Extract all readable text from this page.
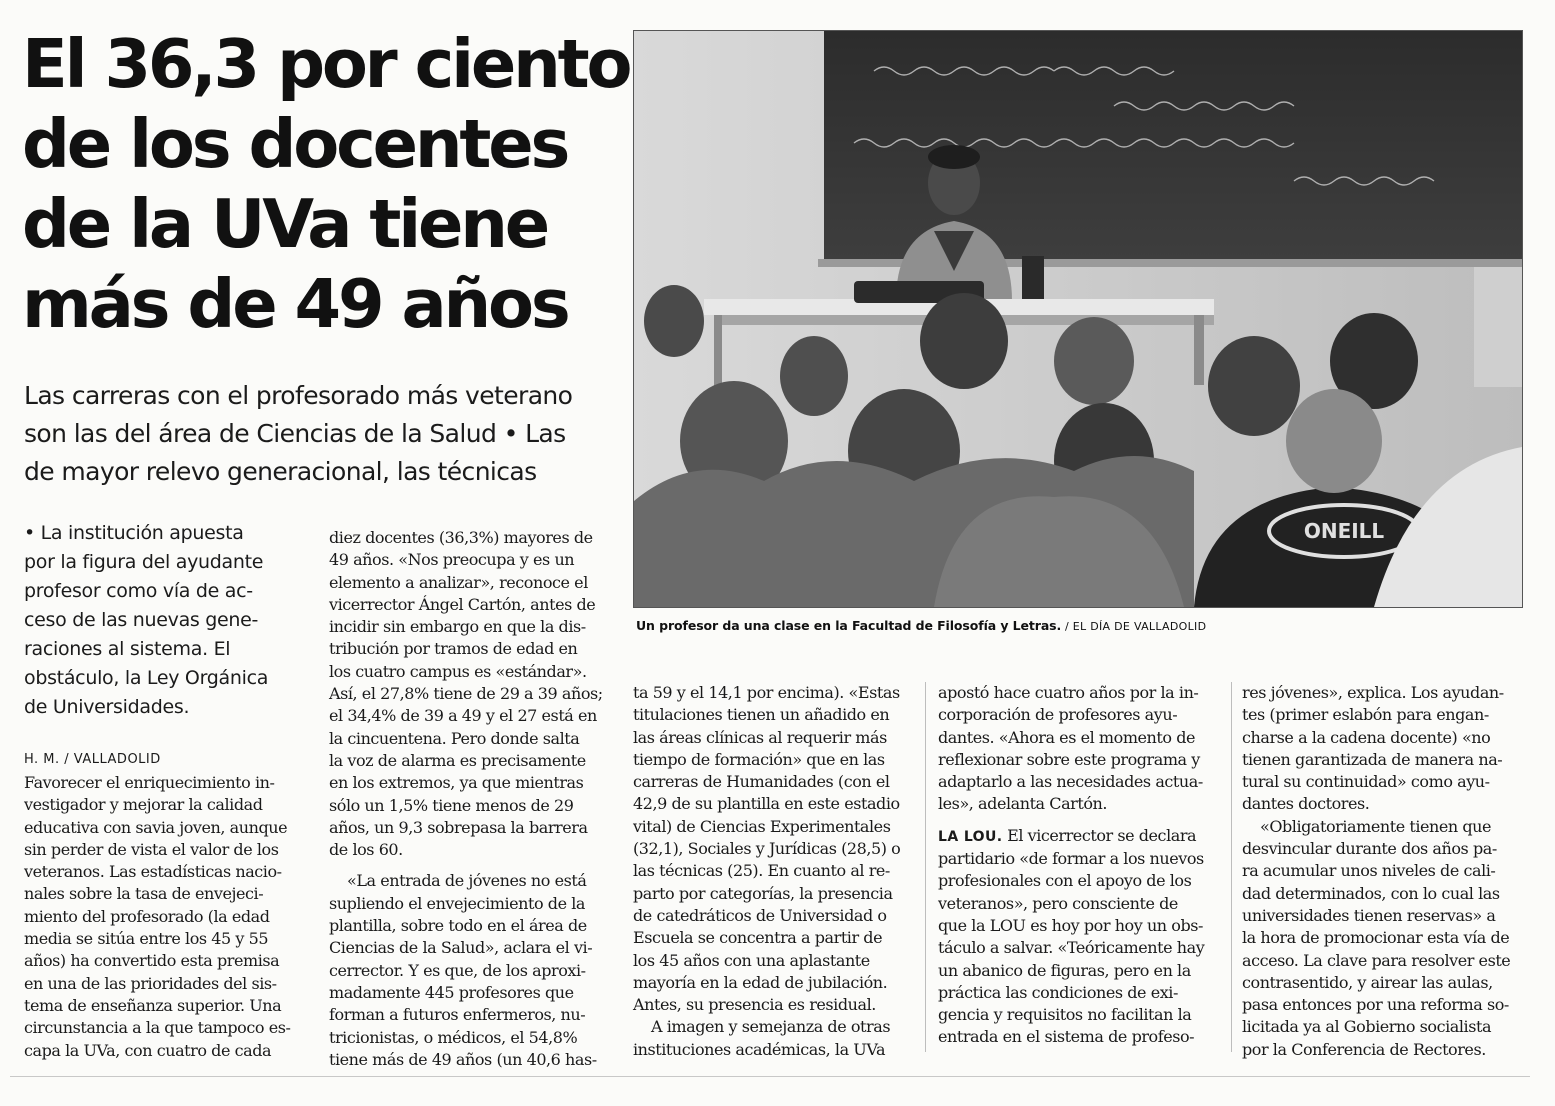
El 36,3 por ciento
de los docentes
de la UVa tiene
más de 49 años
Las carreras con el profesorado más veterano
son las del área de Ciencias de la Salud • Las
de mayor relevo generacional, las técnicas
• La institución apuesta
por la figura del ayudante
profesor como vía de ac-
ceso de las nuevas gene-
raciones al sistema. El
obstáculo, la Ley Orgánica
de Universidades.
H. M. / VALLADOLID
Favorecer el enriquecimiento in-
vestigador y mejorar la calidad
educativa con savia joven, aunque
sin perder de vista el valor de los
veteranos. Las estadísticas nacio-
nales sobre la tasa de envejeci-
miento del profesorado (la edad
media se sitúa entre los 45 y 55
años) ha convertido esta premisa
en una de las prioridades del sis-
tema de enseñanza superior. Una
circunstancia a la que tampoco es-
capa la UVa, con cuatro de cada
diez docentes (36,3%) mayores de
49 años. «Nos preocupa y es un
elemento a analizar», reconoce el
vicerrector Ángel Cartón, antes de
incidir sin embargo en que la dis-
tribución por tramos de edad en
los cuatro campus es «estándar».
Así, el 27,8% tiene de 29 a 39 años;
el 34,4% de 39 a 49 y el 27 está en
la cincuentena. Pero donde salta
la voz de alarma es precisamente
en los extremos, ya que mientras
sólo un 1,5% tiene menos de 29
años, un 9,3 sobrepasa la barrera
de los 60.
«La entrada de jóvenes no está
supliendo el envejecimiento de la
plantilla, sobre todo en el área de
Ciencias de la Salud», aclara el vi-
cerrector. Y es que, de los aproxi-
madamente 445 profesores que
forman a futuros enfermeros, nu-
tricionistas, o médicos, el 54,8%
tiene más de 49 años (un 40,6 has-
ta 59 y el 14,1 por encima). «Estas
titulaciones tienen un añadido en
las áreas clínicas al requerir más
tiempo de formación» que en las
carreras de Humanidades (con el
42,9 de su plantilla en este estadio
vital) de Ciencias Experimentales
(32,1), Sociales y Jurídicas (28,5) o
las técnicas (25). En cuanto al re-
parto por categorías, la presencia
de catedráticos de Universidad o
Escuela se concentra a partir de
los 45 años con una aplastante
mayoría en la edad de jubilación.
Antes, su presencia es residual.
A imagen y semejanza de otras
instituciones académicas, la UVa
apostó hace cuatro años por la in-
corporación de profesores ayu-
dantes. «Ahora es el momento de
reflexionar sobre este programa y
adaptarlo a las necesidades actua-
les», adelanta Cartón.
LA LOU. El vicerrector se declara
partidario «de formar a los nuevos
profesionales con el apoyo de los
veteranos», pero consciente de
que la LOU es hoy por hoy un obs-
táculo a salvar. «Teóricamente hay
un abanico de figuras, pero en la
práctica las condiciones de exi-
gencia y requisitos no facilitan la
entrada en el sistema de profeso-
res jóvenes», explica. Los ayudan-
tes (primer eslabón para engan-
charse a la cadena docente) «no
tienen garantizada de manera na-
tural su continuidad» como ayu-
dantes doctores.
«Obligatoriamente tienen que
desvincular durante dos años pa-
ra acumular unos niveles de cali-
dad determinados, con lo cual las
universidades tienen reservas» a
la hora de promocionar esta vía de
acceso. La clave para resolver este
contrasentido, y airear las aulas,
pasa entonces por una reforma so-
licitada ya al Gobierno socialista
por la Conferencia de Rectores.
ONEILL
Un profesor da una clase en la Facultad de Filosofía y Letras. / EL DÍA DE VALLADOLID
